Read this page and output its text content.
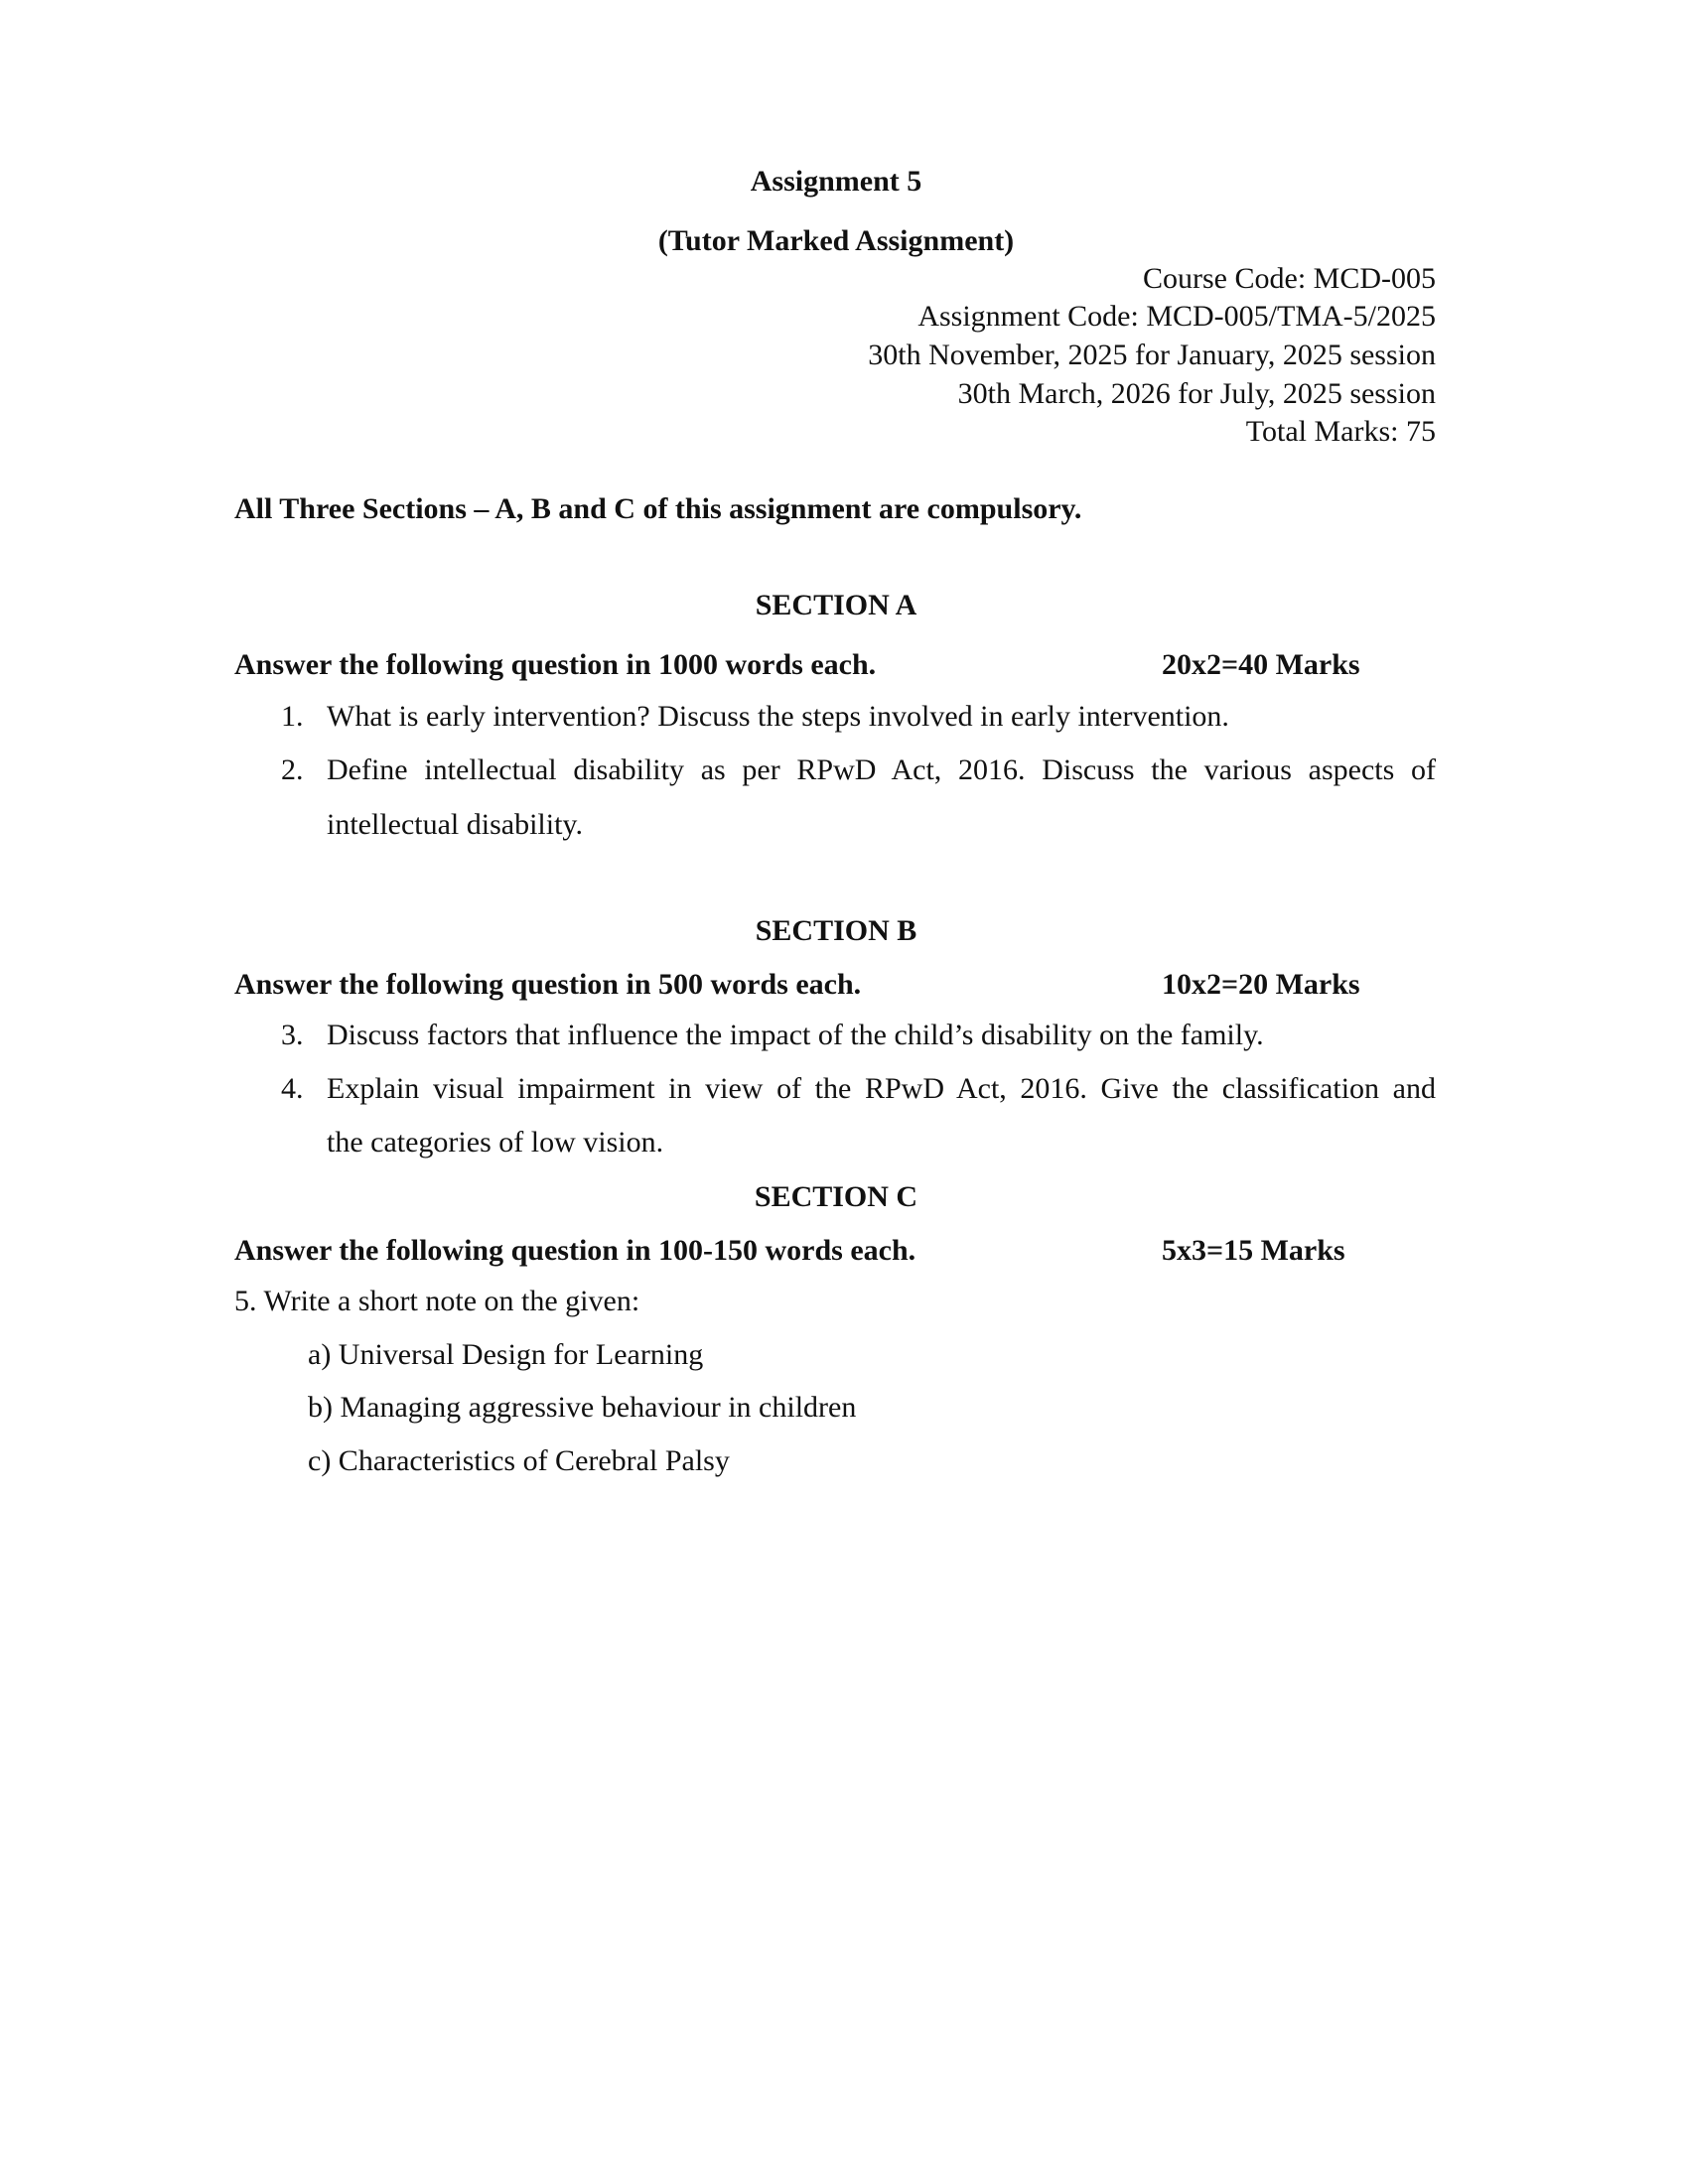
Assignment 5
(Tutor Marked Assignment)
Course Code: MCD-005
Assignment Code: MCD-005/TMA-5/2025
30th November, 2025 for January, 2025 session
30th March, 2026 for July, 2025 session
Total Marks: 75
All Three Sections – A, B and C of this assignment are compulsory.
SECTION A
Answer the following question in 1000 words each.	20x2=40 Marks
1. What is early intervention? Discuss the steps involved in early intervention.
2. Define intellectual disability as per RPwD Act, 2016. Discuss the various aspects of
intellectual disability.
SECTION B
Answer the following question in 500 words each.	10x2=20 Marks
3. Discuss factors that influence the impact of the child’s disability on the family.
4. Explain visual impairment in view of the RPwD Act, 2016. Give the classification and
the categories of low vision.
SECTION C
Answer the following question in 100-150 words each.	5x3=15 Marks
5. Write a short note on the given:
a) Universal Design for Learning
b) Managing aggressive behaviour in children
c) Characteristics of Cerebral Palsy
